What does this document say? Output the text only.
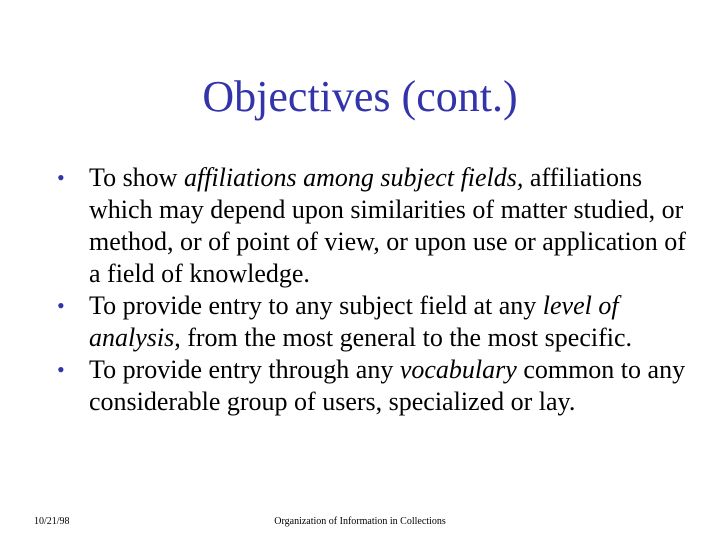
Objectives (cont.)
• To show affiliations among subject fields, affiliations which may depend upon similarities of matter studied, or method, or of point of view, or upon use or application of a field of knowledge.
• To provide entry to any subject field at any level of analysis, from the most general to the most specific.
• To provide entry through any vocabulary common to any considerable group of users, specialized or lay.
10/21/98	Organization of Information in Collections
